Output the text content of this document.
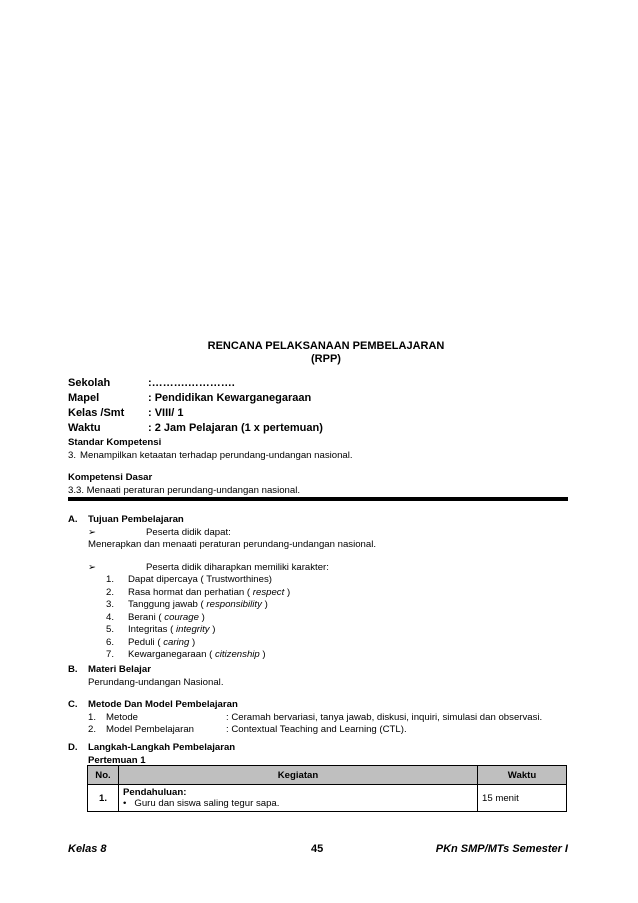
RENCANA PELAKSANAAN PEMBELAJARAN
(RPP)
Sekolah	:……….………….
Mapel	: Pendidikan Kewarganegaraan
Kelas /Smt	: VIII/ 1
Waktu	: 2 Jam Pelajaran (1 x pertemuan)
Standar Kompetensi
3. Menampilkan ketaatan terhadap perundang-undangan nasional.
Kompetensi Dasar
3.3. Menaati peraturan perundang-undangan nasional.
A.	Tujuan Pembelajaran
➢	Peserta didik dapat:
Menerapkan dan menaati peraturan perundang-undangan nasional.
➢	Peserta didik diharapkan memiliki karakter:
1.	Dapat dipercaya ( Trustworthines)
2.	Rasa hormat dan perhatian (
respect
)
3.	Tanggung jawab (
responsibility
)
4.	Berani (
courage
)
5.	Integritas (
integrity
)
6.	Peduli (
caring
)
7.	Kewarganegaraan (
citizenship
)
B.	Materi Belajar
Perundang-undangan Nasional.
C.	Metode Dan Model Pembelajaran
1.	Metode	: Ceramah bervariasi, tanya jawab, diskusi, inquiri, simulasi dan observasi.
2.	Model Pembelajaran	: Contextual Teaching and Learning (CTL).
D.	Langkah-Langkah Pembelajaran
Pertemuan 1
No.	Kegiatan	Waktu
1.	Pendahuluan:
•   Guru dan siswa saling tegur sapa.	15 menit
Kelas 8	45	PKn SMP/MTs Semester I
